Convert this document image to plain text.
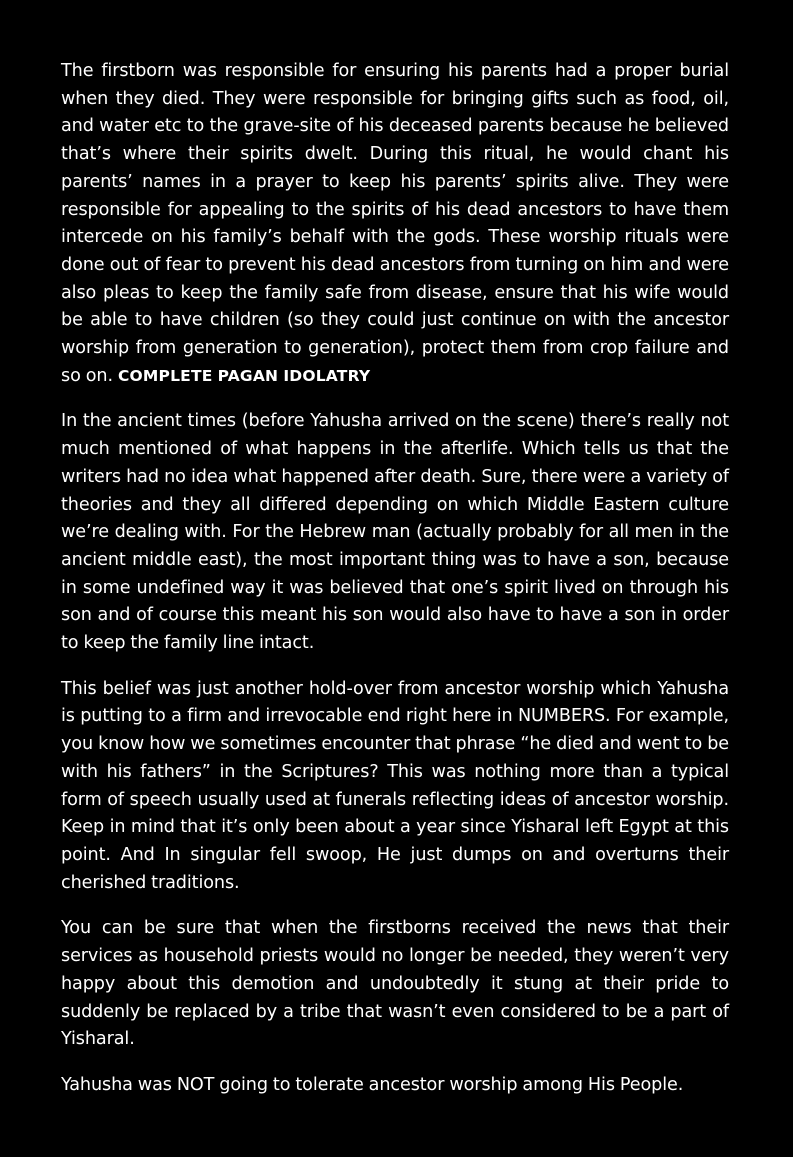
The firstborn was responsible for ensuring his parents had a proper burial when they died. They were responsible for bringing gifts such as food, oil, and water etc to the grave-site of his deceased parents because he believed that’s where their spirits dwelt. During this ritual, he would chant his parents’ names in a prayer to keep his parents’ spirits alive. They were responsible for appealing to the spirits of his dead ancestors to have them intercede on his family’s behalf with the gods. These worship rituals were done out of fear to prevent his dead ancestors from turning on him and were also pleas to keep the family safe from disease, ensure that his wife would be able to have children (so they could just continue on with the ancestor worship from generation to generation), protect them from crop failure and so on. COMPLETE PAGAN IDOLATRY

In the ancient times (before Yahusha arrived on the scene) there’s really not much mentioned of what happens in the afterlife. Which tells us that the writers had no idea what happened after death. Sure, there were a variety of theories and they all differed depending on which Middle Eastern culture we’re dealing with. For the Hebrew man (actually probably for all men in the ancient middle east), the most important thing was to have a son, because in some undefined way it was believed that one’s spirit lived on through his son and of course this meant his son would also have to have a son in order to keep the family line intact.

This belief was just another hold-over from ancestor worship which Yahusha is putting to a firm and irrevocable end right here in NUMBERS. For example, you know how we sometimes encounter that phrase “he died and went to be with his fathers” in the Scriptures? This was nothing more than a typical form of speech usually used at funerals reflecting ideas of ancestor worship. Keep in mind that it’s only been about a year since Yisharal left Egypt at this point. And In singular fell swoop, He just dumps on and overturns their cherished traditions.

You can be sure that when the firstborns received the news that their services as household priests would no longer be needed, they weren’t very happy about this demotion and undoubtedly it stung at their pride to suddenly be replaced by a tribe that wasn’t even considered to be a part of Yisharal.

Yahusha was NOT going to tolerate ancestor worship among His People.
